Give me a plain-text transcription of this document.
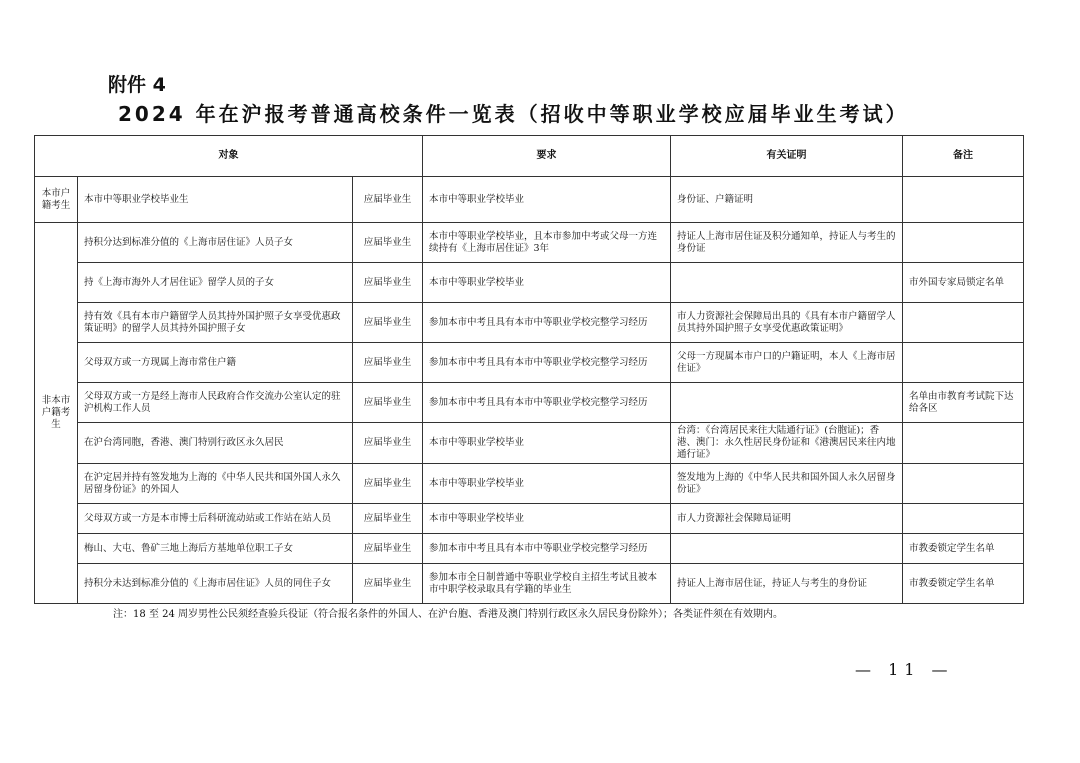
附件 4
2024 年在沪报考普通高校条件一览表（招收中等职业学校应届毕业生考试）
对象			要求	有关证明	备注
本市户籍考生	本市中等职业学校毕业生	应届毕业生	本市中等职业学校毕业	身份证、户籍证明	
非本市户籍考生	持积分达到标准分值的《上海市居住证》人员子女	应届毕业生	本市中等职业学校毕业，且本市参加中考或父母一方连续持有《上海市居住证》3年	持证人上海市居住证及积分通知单，持证人与考生的身份证	
	持《上海市海外人才居住证》留学人员的子女	应届毕业生	本市中等职业学校毕业		市外国专家局锁定名单
	持有效《具有本市户籍留学人员其持外国护照子女享受优惠政策证明》的留学人员其持外国护照子女	应届毕业生	参加本市中考且具有本市中等职业学校完整学习经历	市人力资源社会保障局出具的《具有本市户籍留学人员其持外国护照子女享受优惠政策证明》	
	父母双方或一方现属上海市常住户籍	应届毕业生	参加本市中考且具有本市中等职业学校完整学习经历	父母一方现属本市户口的户籍证明，本人《上海市居住证》	
	父母双方或一方是经上海市人民政府合作交流办公室认定的驻沪机构工作人员	应届毕业生	参加本市中考且具有本市中等职业学校完整学习经历		名单由市教育考试院下达给各区
	在沪台湾同胞，香港、澳门特别行政区永久居民	应届毕业生	本市中等职业学校毕业	台湾：《台湾居民来往大陆通行证》(台胞证)；香港、澳门：永久性居民身份证和《港澳居民来往内地通行证》	
	在沪定居并持有签发地为上海的《中华人民共和国外国人永久居留身份证》的外国人	应届毕业生	本市中等职业学校毕业	签发地为上海的《中华人民共和国外国人永久居留身份证》	
	父母双方或一方是本市博士后科研流动站或工作站在站人员	应届毕业生	本市中等职业学校毕业	市人力资源社会保障局证明	
	梅山、大屯、鲁矿三地上海后方基地单位职工子女	应届毕业生	参加本市中考且具有本市中等职业学校完整学习经历		市教委锁定学生名单
	持积分未达到标准分值的《上海市居住证》人员的同住子女	应届毕业生	参加本市全日制普通中等职业学校自主招生考试且被本市中职学校录取具有学籍的毕业生	持证人上海市居住证，持证人与考生的身份证	市教委锁定学生名单
注：18 至 24 周岁男性公民须经查验兵役证（符合报名条件的外国人、在沪台胞、香港及澳门特别行政区永久居民身份除外）；各类证件须在有效期内。
— 11 —
